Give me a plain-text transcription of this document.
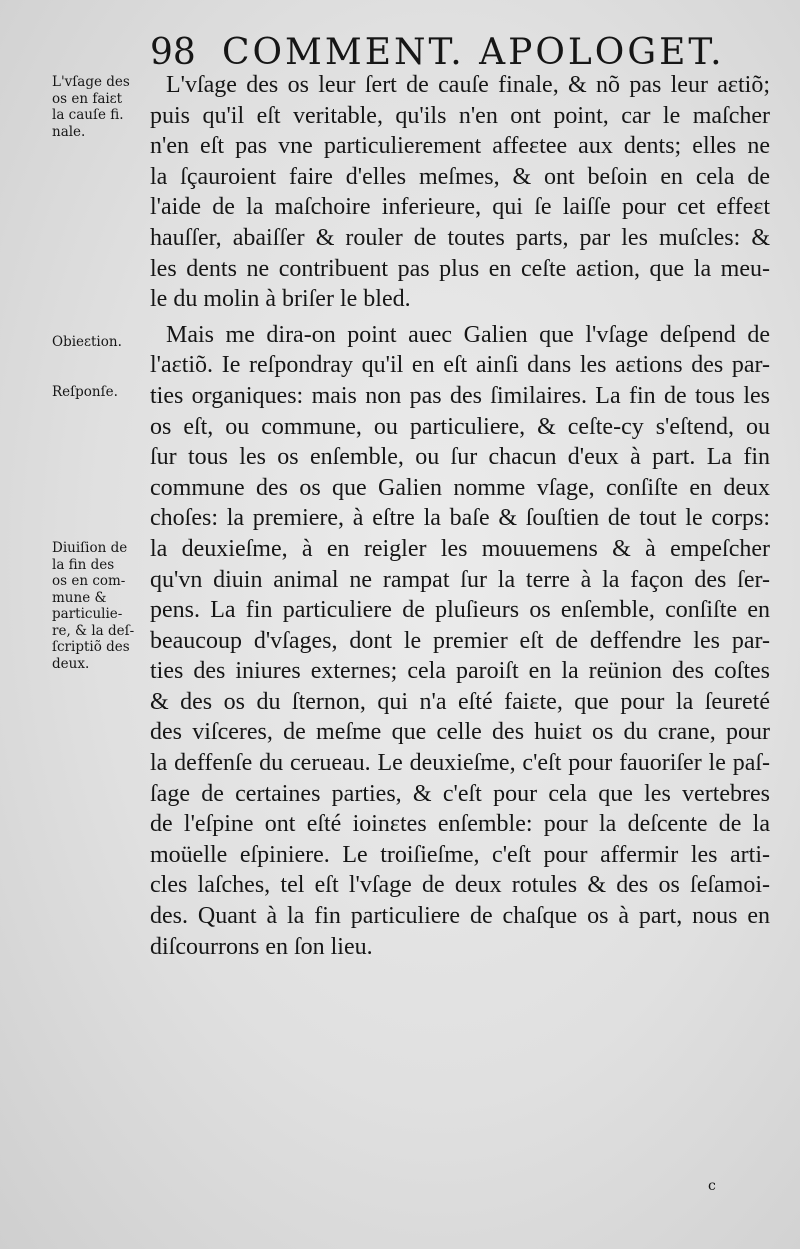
98 COMMENT. APOLOGET.
L'vſage des
os en faiɛt
la cauſe fi.
nale.
Obieɛtion.
Reſponſe.
Diuiſion de
la fin des
os en com-
mune &
particulie-
re, & la deſ-
ſcriptiõ des
deux.
L'vſage des os leur ſert de cauſe finale, & nõ pas leur aɛtiõ;
puis qu'il eſt veritable, qu'ils n'en ont point, car le maſcher
n'en eſt pas vne particulierement affeɛtee aux dents; elles ne
la ſçauroient faire d'elles meſmes, & ont beſoin en cela de
l'aide de la maſchoire inferieure, qui ſe laiſſe pour cet effeɛt
hauſſer, abaiſſer & rouler de toutes parts, par les muſcles: &
les dents ne contribuent pas plus en ceſte aɛtion, que la meu-
le du molin à briſer le bled.
Mais me dira-on point auec Galien que l'vſage deſpend de
l'aɛtiõ. Ie reſpondray qu'il en eſt ainſi dans les aɛtions des par-
ties organiques: mais non pas des ſimilaires. La fin de tous les
os eſt, ou commune, ou particuliere, & ceſte-cy s'eſtend, ou
ſur tous les os enſemble, ou ſur chacun d'eux à part. La fin
commune des os que Galien nomme vſage, conſiſte en deux
choſes: la premiere, à eſtre la baſe & ſouſtien de tout le corps:
la deuxieſme, à en reigler les mouuemens & à empeſcher
qu'vn diuin animal ne rampat ſur la terre à la façon des ſer-
pens. La fin particuliere de pluſieurs os enſemble, conſiſte en
beaucoup d'vſages, dont le premier eſt de deffendre les par-
ties des iniures externes; cela paroiſt en la reünion des coſtes
& des os du ſternon, qui n'a eſté faiɛte, que pour la ſeureté
des viſceres, de meſme que celle des huiɛt os du crane, pour
la deffenſe du cerueau. Le deuxieſme, c'eſt pour fauoriſer le paſ-
ſage de certaines parties, & c'eſt pour cela que les vertebres
de l'eſpine ont eſté ioinɛtes enſemble: pour la deſcente de la
moüelle eſpiniere. Le troiſieſme, c'eſt pour affermir les arti-
cles laſches, tel eſt l'vſage de deux rotules & des os ſeſamoi-
des. Quant à la fin particuliere de chaſque os à part, nous en
diſcourrons en ſon lieu.
c
